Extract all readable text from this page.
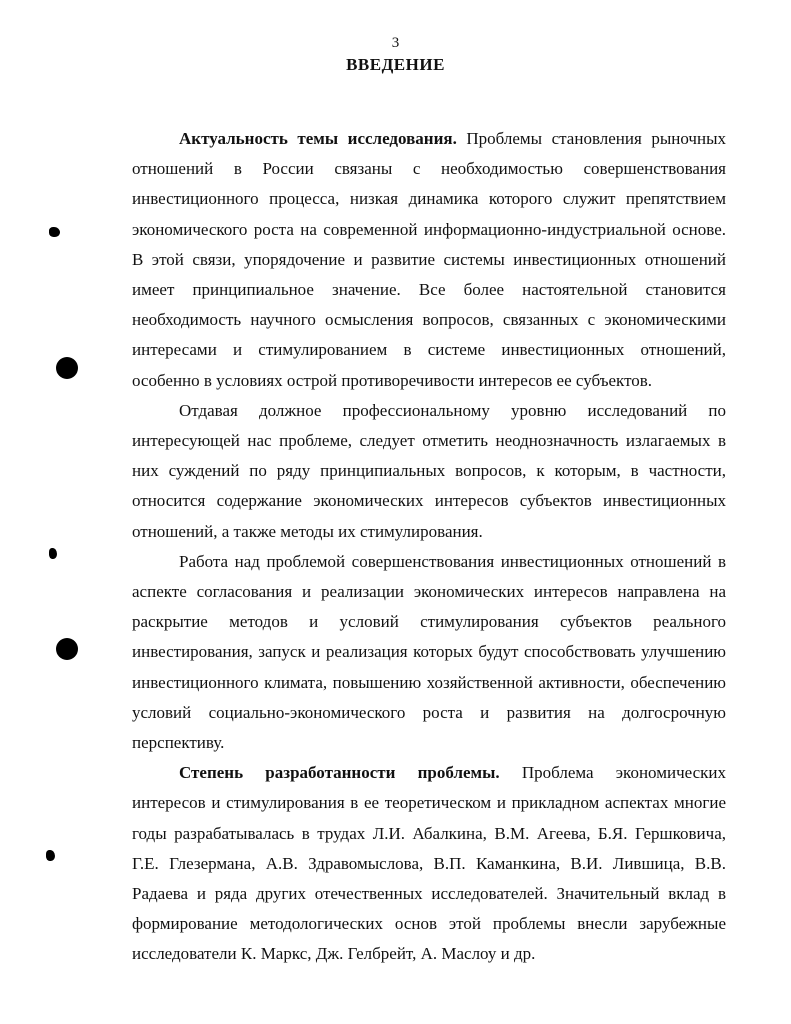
3
ВВЕДЕНИЕ

Актуальность темы исследования. Проблемы становления рыночных отношений в России связаны с необходимостью совершенствования инвестиционного процесса, низкая динамика которого служит препятствием экономического роста на современной информационно-индустриальной основе. В этой связи, упорядочение и развитие системы инвестиционных отношений имеет принципиальное значение. Все более настоятельной становится необходимость научного осмысления вопросов, связанных с экономическими интересами и стимулированием в системе инвестиционных отношений, особенно в условиях острой противоречивости интересов ее субъектов.

Отдавая должное профессиональному уровню исследований по интересующей нас проблеме, следует отметить неоднозначность излагаемых в них суждений по ряду принципиальных вопросов, к которым, в частности, относится содержание экономических интересов субъектов инвестиционных отношений, а также методы их стимулирования.

Работа над проблемой совершенствования инвестиционных отношений в аспекте согласования и реализации экономических интересов направлена на раскрытие методов и условий стимулирования субъектов реального инвестирования, запуск и реализация которых будут способствовать улучшению инвестиционного климата, повышению хозяйственной активности, обеспечению условий социально-экономического роста и развития на долгосрочную перспективу.

Степень разработанности проблемы. Проблема экономических интересов и стимулирования в ее теоретическом и прикладном аспектах многие годы разрабатывалась в трудах Л.И. Абалкина, В.М. Агеева, Б.Я. Гершковича, Г.Е. Глезермана, А.В. Здравомыслова, В.П. Каманкина, В.И. Лившица, В.В. Радаева и ряда других отечественных исследователей. Значительный вклад в формирование методологических основ этой проблемы внесли зарубежные исследователи К. Маркс, Дж. Гелбрейт, А. Маслоу и др.
